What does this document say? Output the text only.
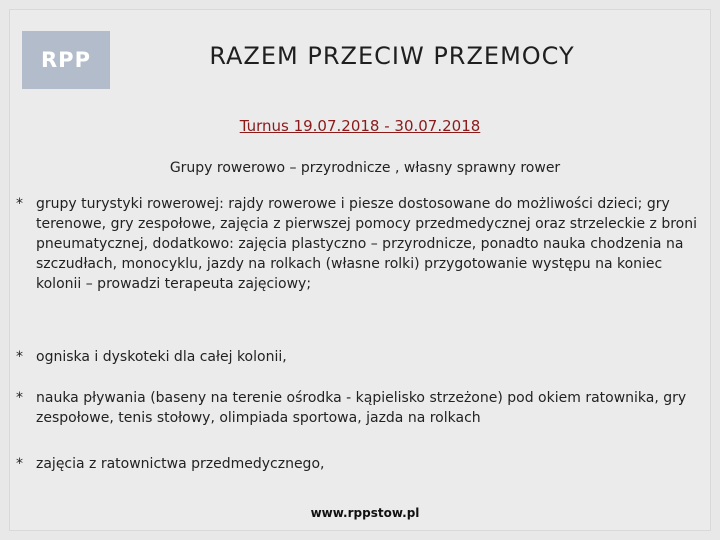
RPP	RAZEM PRZECIW PRZEMOCY
Turnus 19.07.2018 - 30.07.2018
Grupy rowerowo – przyrodnicze , własny sprawny rower
* grupy turystyki rowerowej: rajdy rowerowe i piesze dostosowane do możliwości dzieci; gry terenowe, gry zespołowe, zajęcia z pierwszej pomocy przedmedycznej oraz strzeleckie z broni pneumatycznej, dodatkowo: zajęcia plastyczno – przyrodnicze, ponadto nauka chodzenia na szczudłach, monocyklu, jazdy na rolkach (własne rolki) przygotowanie występu na koniec kolonii – prowadzi terapeuta zajęciowy;
* ogniska i dyskoteki dla całej kolonii,
* nauka pływania (baseny na terenie ośrodka - kąpielisko strzeżone) pod okiem ratownika, gry zespołowe, tenis stołowy, olimpiada sportowa, jazda na rolkach
* zajęcia z ratownictwa przedmedycznego,
www.rppstow.pl
